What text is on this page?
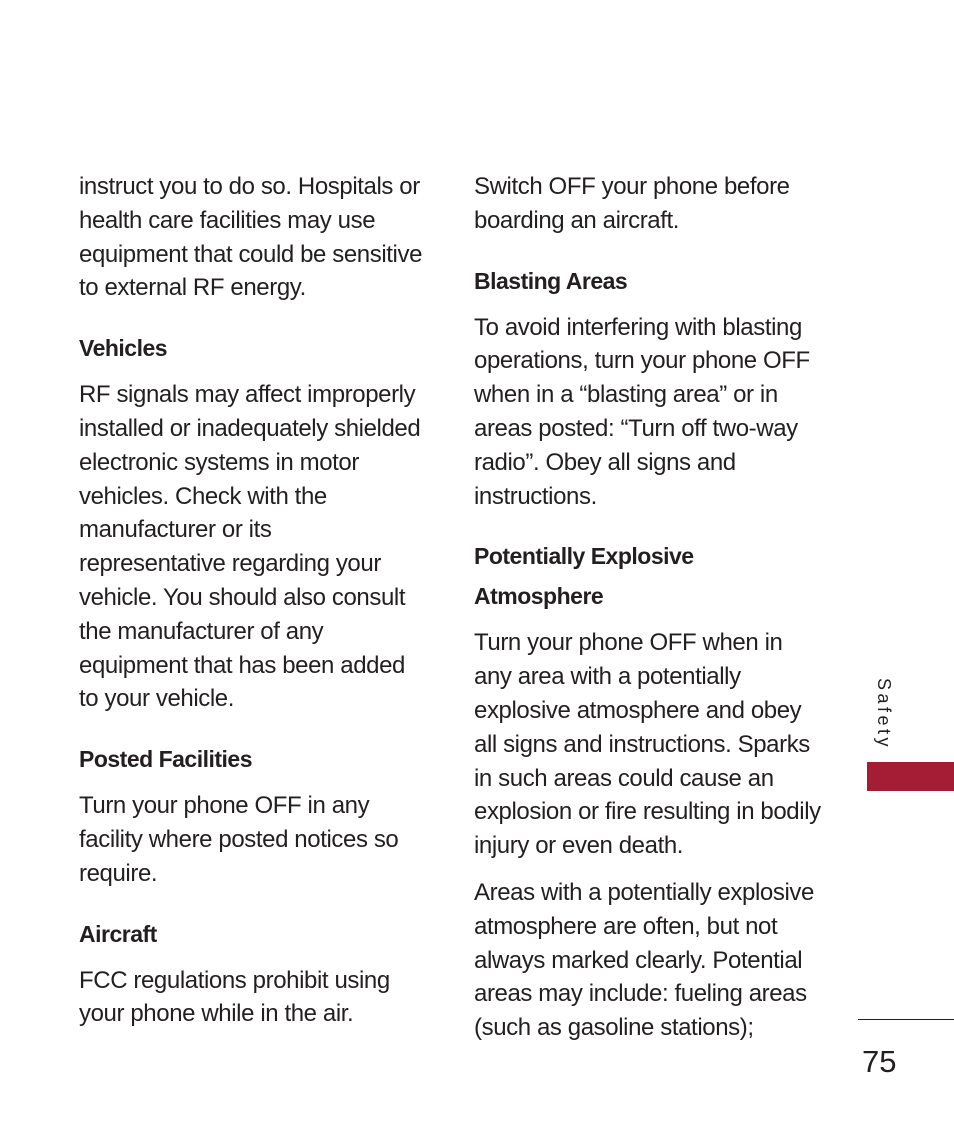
instruct you to do so. Hospitals or health care facilities may use equipment that could be sensitive to external RF energy.

Vehicles

RF signals may affect improperly installed or inadequately shielded electronic systems in motor vehicles. Check with the manufacturer or its representative regarding your vehicle. You should also consult the manufacturer of any equipment that has been added to your vehicle.

Posted Facilities

Turn your phone OFF in any facility where posted notices so require.

Aircraft

FCC regulations prohibit using your phone while in the air.

Switch OFF your phone before boarding an aircraft.

Blasting Areas

To avoid interfering with blasting operations, turn your phone OFF when in a “blasting area” or in areas posted: “Turn off two-way radio”. Obey all signs and instructions.

Potentially Explosive
Atmosphere

Turn your phone OFF when in any area with a potentially explosive atmosphere and obey all signs and instructions. Sparks in such areas could cause an explosion or fire resulting in bodily injury or even death.

Areas with a potentially explosive atmosphere are often, but not always marked clearly. Potential areas may include: fueling areas (such as gasoline stations);

Safety
75
